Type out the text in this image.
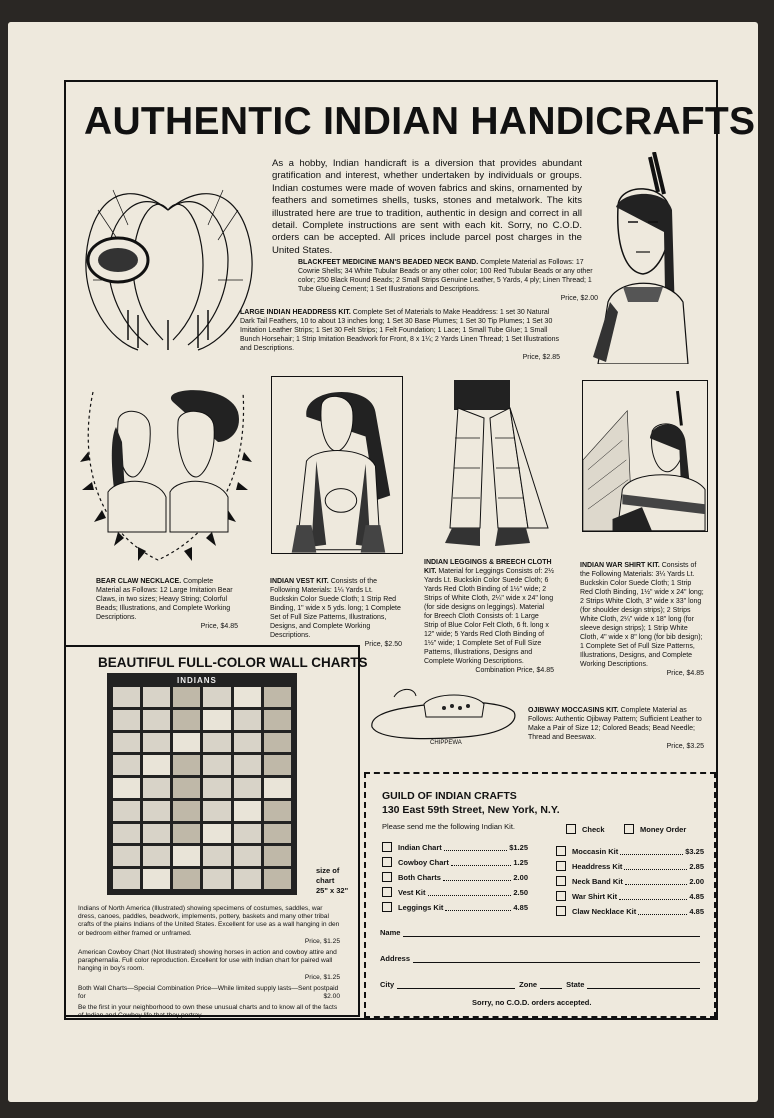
AUTHENTIC INDIAN HANDICRAFTS
As a hobby, Indian handicraft is a diversion that provides abundant gratification and interest, whether undertaken by individuals or groups. Indian costumes were made of woven fabrics and skins, ornamented by feathers and sometimes shells, tusks, stones and metalwork. The kits illustrated here are true to tradition, authentic in design and correct in all detail. Complete instructions are sent with each kit. Sorry, no C.O.D. orders can be accepted. All prices include parcel post charges in the United States.
BLACKFEET MEDICINE MAN'S BEADED NECK BAND. Complete Material as Follows: 17 Cowrie Shells; 34 White Tubular Beads or any other color; 100 Red Tubular Beads or any other color; 250 Black Round Beads; 2 Small Strips Genuine Leather, 5 Yards, 4 ply; Linen Thread; 1 Tube Glueing Cement; 1 Set Illustrations and Descriptions.
Price, $2.00
LARGE INDIAN HEADDRESS KIT. Complete Set of Materials to Make Headdress: 1 set 30 Natural Dark Tail Feathers, 10 to about 13 inches long; 1 Set 30 Base Plumes; 1 Set 30 Tip Plumes; 1 Set 30 Imitation Leather Strips; 1 Set 30 Felt Strips; 1 Felt Foundation; 1 Lace; 1 Small Tube Glue; 1 Small Bunch Horsehair; 1 Strip Imitation Beadwork for Front, 8 x 1¼; 2 Yards Linen Thread; 1 Set Illustrations and Descriptions.
Price, $2.85
BEAR CLAW NECKLACE. Complete Material as Follows: 12 Large Imitation Bear Claws, in two sizes; Heavy String; Colorful Beads; Illustrations, and Complete Working Descriptions.
Price, $4.85
INDIAN VEST KIT. Consists of the Following Materials: 1¼ Yards Lt. Buckskin Color Suede Cloth; 1 Strip Red Binding, 1" wide x 5 yds. long; 1 Complete Set of Full Size Patterns, Illustrations, Designs, and Complete Working Descriptions.
Price, $2.50
INDIAN LEGGINGS & BREECH CLOTH KIT. Material for Leggings Consists of: 2½ Yards Lt. Buckskin Color Suede Cloth; 6 Yards Red Cloth Binding of 1½" wide; 2 Strips of White Cloth, 2¼" wide x 24" long (for side designs on leggings). Material for Breech Cloth Consists of: 1 Large Strip of Blue Color Felt Cloth, 6 ft. long x 12" wide; 5 Yards Red Cloth Binding of 1½" wide; 1 Complete Set of Full Size Patterns, Illustrations, Designs and Complete Working Descriptions.
Combination Price, $4.85
INDIAN WAR SHIRT KIT. Consists of the Following Materials: 3¼ Yards Lt. Buckskin Color Suede Cloth; 1 Strip Red Cloth Binding, 1½" wide x 24" long; 2 Strips White Cloth, 3" wide x 33" long (for shoulder design strips); 2 Strips White Cloth, 2¼" wide x 18" long (for sleeve design strips); 1 Strip White Cloth, 4" wide x 8" long (for bib design); 1 Complete Set of Full Size Patterns, Illustrations, Designs, and Complete Working Descriptions.
Price, $4.85
CHIPPEWA
OJIBWAY MOCCASINS KIT. Complete Material as Follows: Authentic Ojibway Pattern; Sufficient Leather to Make a Pair of Size 12; Colored Beads; Bead Needle; Thread and Beeswax.
Price, $3.25
BEAUTIFUL FULL-COLOR WALL CHARTS
INDIANS
size of
chart
25" x 32"

Indians of North America (Illustrated) showing specimens of costumes, saddles, war dress, canoes, paddles, beadwork, implements, pottery, baskets and many other tribal crafts of the plains Indians of the United States. Excellent for use as a wall hanging in den or bedroom either framed or unframed.
Price, $1.25

American Cowboy Chart (Not Illustrated) showing horses in action and cowboy attire and paraphernalia. Full color reproduction. Excellent for use with Indian chart for paired wall hanging in boy's room.
Price, $1.25

Both Wall Charts—Special Combination Price—While limited supply lasts—Sent postpaid for	$2.00

Be the first in your neighborhood to own these unusual charts and to know all of the facts of Indian and Cowboy life that they portray.

GUILD OF INDIAN CRAFTS
130 East 59th Street, New York, N.Y.
Please send me the following Indian Kit.	Check	Money Order
Indian Chart	$1.25
Cowboy Chart	1.25
Both Charts	2.00
Vest Kit	2.50
Leggings Kit	4.85
Moccasin Kit	$3.25
Headdress Kit	2.85
Neck Band Kit	2.00
War Shirt Kit	4.85
Claw Necklace Kit	4.85
Name
Address
City	Zone	State
Sorry, no C.O.D. orders accepted.
